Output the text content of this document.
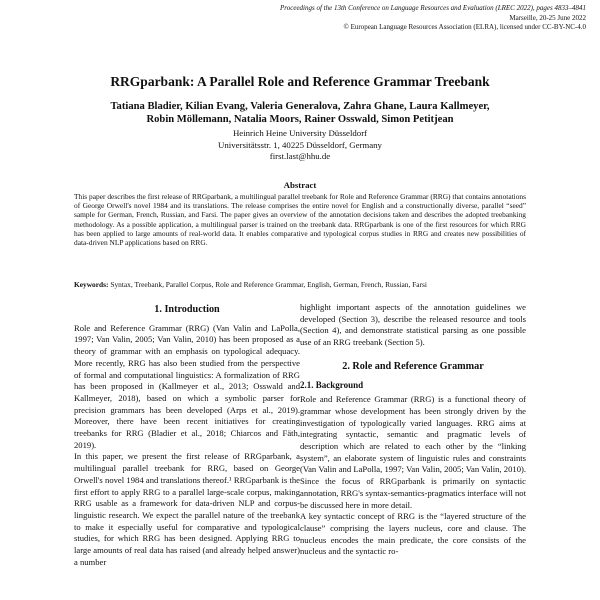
Proceedings of the 13th Conference on Language Resources and Evaluation (LREC 2022), pages 4833–4841
Marseille, 20-25 June 2022
© European Language Resources Association (ELRA), licensed under CC-BY-NC-4.0
RRGparbank: A Parallel Role and Reference Grammar Treebank
Tatiana Bladier, Kilian Evang, Valeria Generalova, Zahra Ghane, Laura Kallmeyer,
Robin Möllemann, Natalia Moors, Rainer Osswald, Simon Petitjean
Heinrich Heine University Düsseldorf
Universitätsstr. 1, 40225 Düsseldorf, Germany
first.last@hhu.de
Abstract
This paper describes the first release of RRGparbank, a multilingual parallel treebank for Role and Reference Grammar (RRG) that contains annotations of George Orwell's novel 1984 and its translations. The release comprises the entire novel for English and a constructionally diverse, parallel “seed” sample for German, French, Russian, and Farsi. The paper gives an overview of the annotation decisions taken and describes the adopted treebanking methodology. As a possible application, a multilingual parser is trained on the treebank data. RRGparbank is one of the first resources for which RRG has been applied to large amounts of real-world data. It enables comparative and typological corpus studies in RRG and creates new possibilities of data-driven NLP applications based on RRG.
Keywords: Syntax, Treebank, Parallel Corpus, Role and Reference Grammar, English, German, French, Russian, Farsi
1. Introduction

Role and Reference Grammar (RRG) (Van Valin and LaPolla, 1997; Van Valin, 2005; Van Valin, 2010) has been proposed as a theory of grammar with an emphasis on typological adequacy. More recently, RRG has also been studied from the perspective of formal and computational linguistics: A formalization of RRG has been proposed in (Kallmeyer et al., 2013; Osswald and Kallmeyer, 2018), based on which a symbolic parser for precision grammars has been developed (Arps et al., 2019). Moreover, there have been recent initiatives for creating treebanks for RRG (Bladier et al., 2018; Chiarcos and Fäth, 2019).

In this paper, we present the first release of RRGparbank, a multilingual parallel treebank for RRG, based on George Orwell's novel 1984 and translations thereof.¹ RRGparbank is the first effort to apply RRG to a parallel large-scale corpus, making RRG usable as a framework for data-driven NLP and corpus-linguistic research. We expect the parallel nature of the treebank to make it especially useful for comparative and typological studies, for which RRG has been designed. Applying RRG to large amounts of real data has raised (and already helped answer) a number

highlight important aspects of the annotation guidelines we developed (Section 3), describe the released resource and tools (Section 4), and demonstrate statistical parsing as one possible use of an RRG treebank (Section 5).

2. Role and Reference Grammar
2.1. Background

Role and Reference Grammar (RRG) is a functional theory of grammar whose development has been strongly driven by the investigation of typologically varied languages. RRG aims at integrating syntactic, semantic and pragmatic levels of description which are related to each other by the “linking system”, an elaborate system of linguistic rules and constraints (Van Valin and LaPolla, 1997; Van Valin, 2005; Van Valin, 2010). Since the focus of RRGparbank is primarily on syntactic annotation, RRG's syntax-semantics-pragmatics interface will not be discussed here in more detail.

A key syntactic concept of RRG is the “layered structure of the clause” comprising the layers nucleus, core and clause. The nucleus encodes the main predicate, the core consists of the nucleus and the syntactic ro-
